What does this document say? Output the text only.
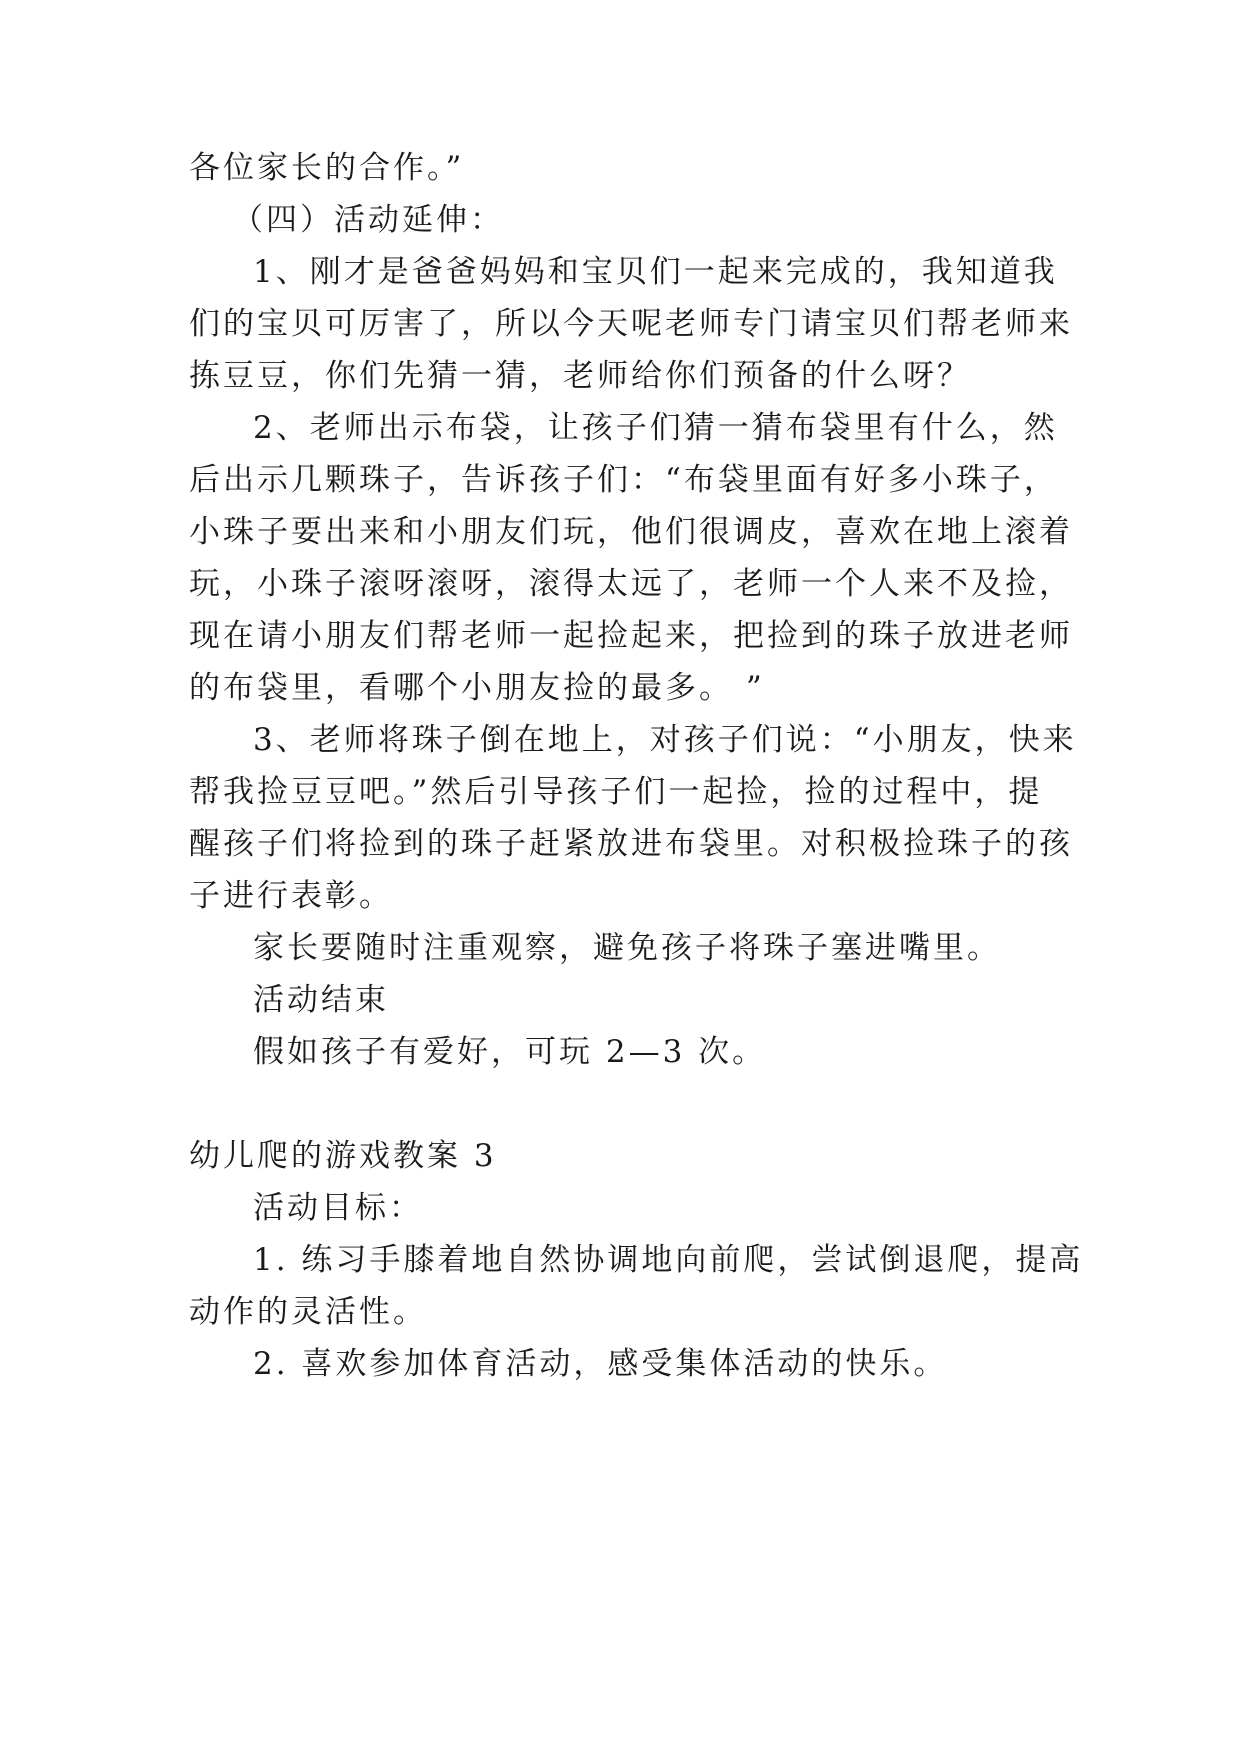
各位家长的合作。”
（四）活动延伸：
1、刚才是爸爸妈妈和宝贝们一起来完成的，我知道我
们的宝贝可厉害了，所以今天呢老师专门请宝贝们帮老师来
拣豆豆，你们先猜一猜，老师给你们预备的什么呀？
2、老师出示布袋，让孩子们猜一猜布袋里有什么，然
后出示几颗珠子，告诉孩子们：“布袋里面有好多小珠子，
小珠子要出来和小朋友们玩，他们很调皮，喜欢在地上滚着
玩，小珠子滚呀滚呀，滚得太远了，老师一个人来不及捡，
现在请小朋友们帮老师一起捡起来，把捡到的珠子放进老师
的布袋里，看哪个小朋友捡的最多。 ”
3、老师将珠子倒在地上，对孩子们说：“小朋友，快来
帮我捡豆豆吧。”然后引导孩子们一起捡，捡的过程中，提
醒孩子们将捡到的珠子赶紧放进布袋里。对积极捡珠子的孩
子进行表彰。
家长要随时注重观察，避免孩子将珠子塞进嘴里。
活动结束
假如孩子有爱好，可玩 2—3 次。
幼儿爬的游戏教案 3
活动目标：
1. 练习手膝着地自然协调地向前爬，尝试倒退爬，提高
动作的灵活性。
2. 喜欢参加体育活动，感受集体活动的快乐。
